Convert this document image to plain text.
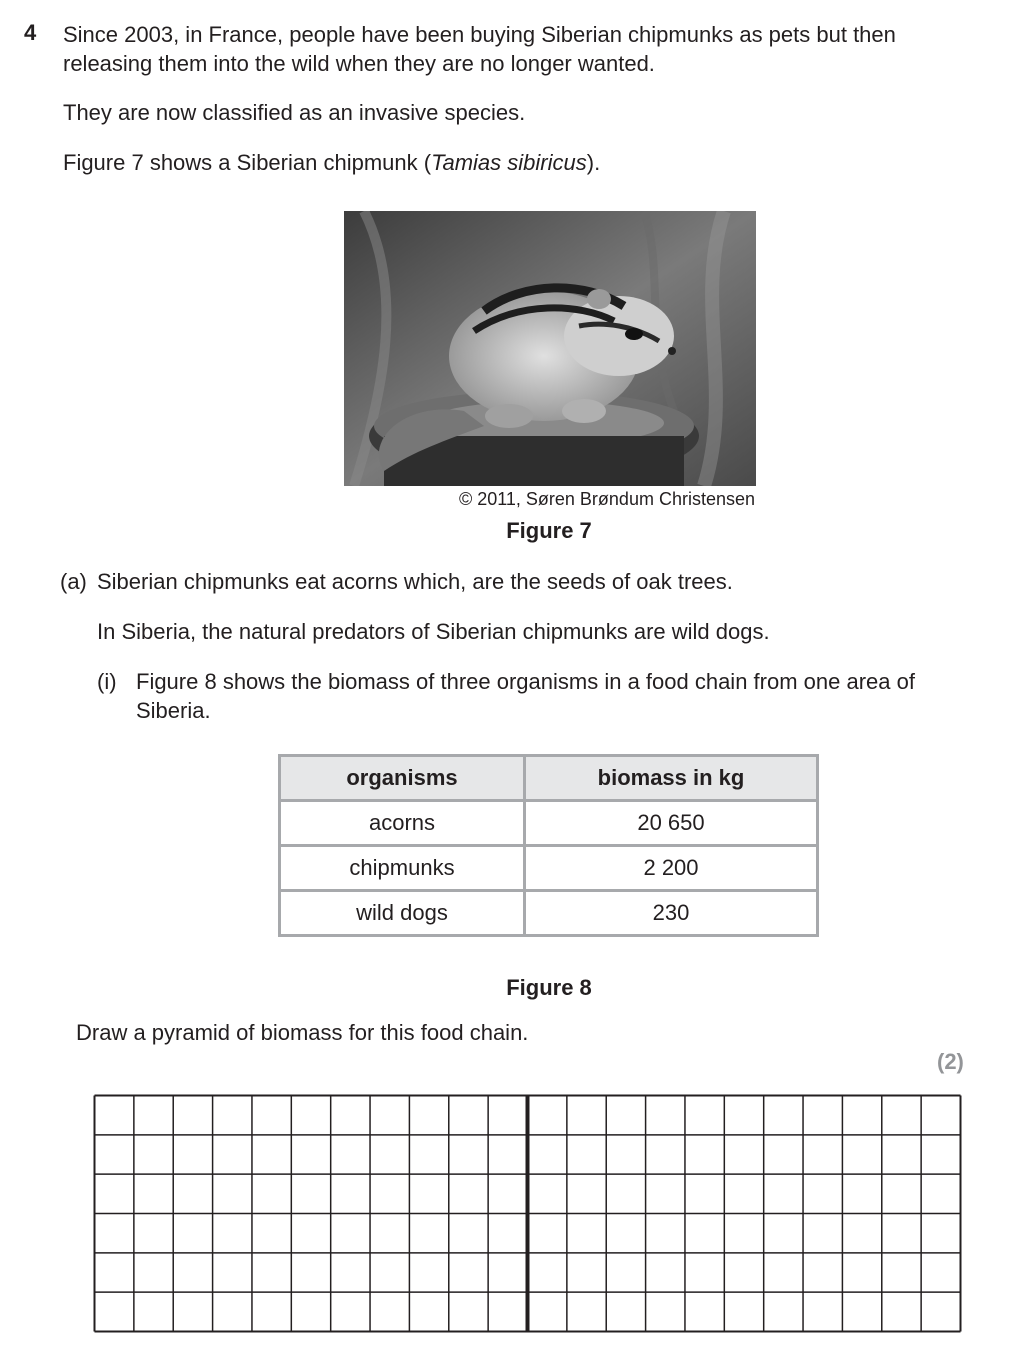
4 Since 2003, in France, people have been buying Siberian chipmunks as pets but then releasing them into the wild when they are no longer wanted.
They are now classified as an invasive species.
Figure 7 shows a Siberian chipmunk (Tamias sibiricus).
© 2011, Søren Brøndum Christensen
Figure 7
(a) Siberian chipmunks eat acorns which, are the seeds of oak trees.
In Siberia, the natural predators of Siberian chipmunks are wild dogs.
(i) Figure 8 shows the biomass of three organisms in a food chain from one area of Siberia.
organisms	biomass in kg
acorns	20 650
chipmunks	2 200
wild dogs	230
Figure 8
Draw a pyramid of biomass for this food chain.
(2)
